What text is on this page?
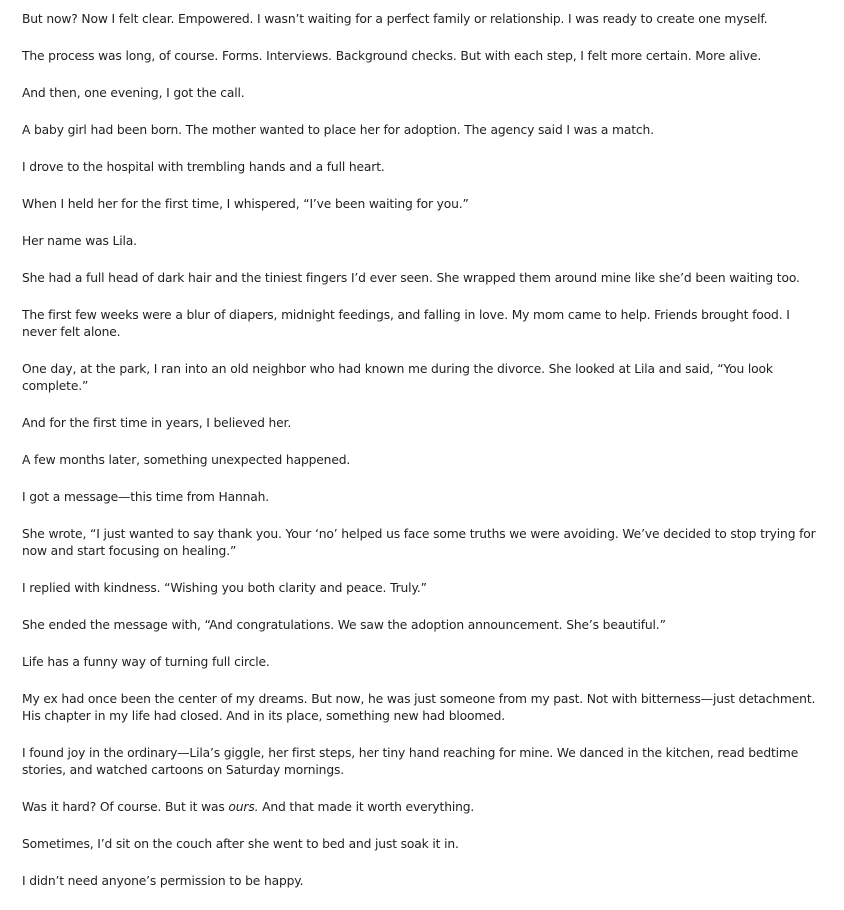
But now? Now I felt clear. Empowered. I wasn’t waiting for a perfect family or relationship. I was ready to create one myself.

The process was long, of course. Forms. Interviews. Background checks. But with each step, I felt more certain. More alive.

And then, one evening, I got the call.

A baby girl had been born. The mother wanted to place her for adoption. The agency said I was a match.

I drove to the hospital with trembling hands and a full heart.

When I held her for the first time, I whispered, “I’ve been waiting for you.”

Her name was Lila.

She had a full head of dark hair and the tiniest fingers I’d ever seen. She wrapped them around mine like she’d been waiting too.

The first few weeks were a blur of diapers, midnight feedings, and falling in love. My mom came to help. Friends brought food. I never felt alone.

One day, at the park, I ran into an old neighbor who had known me during the divorce. She looked at Lila and said, “You look complete.”

And for the first time in years, I believed her.

A few months later, something unexpected happened.

I got a message—this time from Hannah.

She wrote, “I just wanted to say thank you. Your ‘no’ helped us face some truths we were avoiding. We’ve decided to stop trying for now and start focusing on healing.”

I replied with kindness. “Wishing you both clarity and peace. Truly.”

She ended the message with, “And congratulations. We saw the adoption announcement. She’s beautiful.”

Life has a funny way of turning full circle.

My ex had once been the center of my dreams. But now, he was just someone from my past. Not with bitterness—just detachment. His chapter in my life had closed. And in its place, something new had bloomed.

I found joy in the ordinary—Lila’s giggle, her first steps, her tiny hand reaching for mine. We danced in the kitchen, read bedtime stories, and watched cartoons on Saturday mornings.

Was it hard? Of course. But it was ours. And that made it worth everything.

Sometimes, I’d sit on the couch after she went to bed and just soak it in.

I didn’t need anyone’s permission to be happy.
